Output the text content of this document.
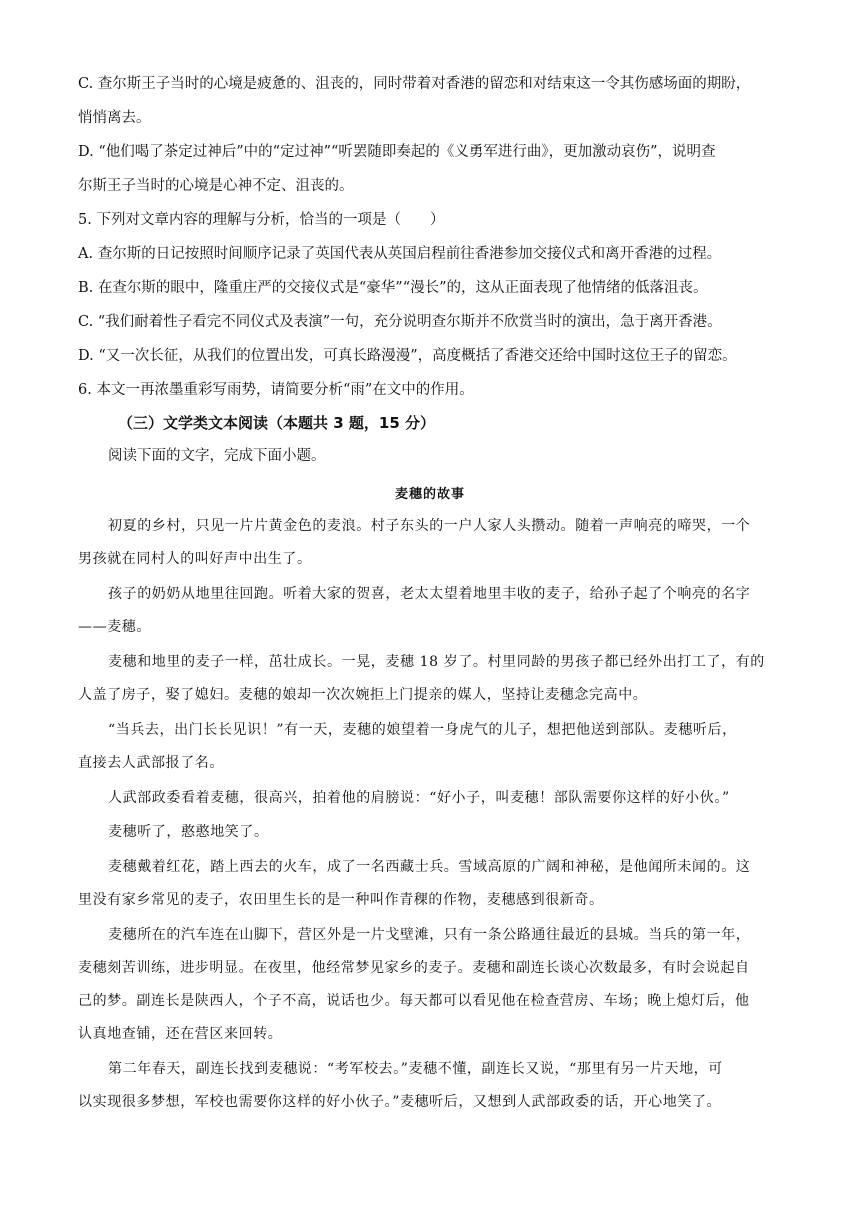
C. 查尔斯王子当时的心境是疲惫的、沮丧的，同时带着对香港的留恋和对结束这一令其伤感场面的期盼，
悄悄离去。
D. “他们喝了茶定过神后”中的“定过神”“听罢随即奏起的《义勇军进行曲》，更加激动哀伤”，说明查
尔斯王子当时的心境是心神不定、沮丧的。
5. 下列对文章内容的理解与分析，恰当的一项是（　　）
A. 查尔斯的日记按照时间顺序记录了英国代表从英国启程前往香港参加交接仪式和离开香港的过程。
B. 在查尔斯的眼中，隆重庄严的交接仪式是“豪华”“漫长”的，这从正面表现了他情绪的低落沮丧。
C. “我们耐着性子看完不同仪式及表演”一句，充分说明查尔斯并不欣赏当时的演出，急于离开香港。
D. “又一次长征，从我们的位置出发，可真长路漫漫”，高度概括了香港交还给中国时这位王子的留恋。
6. 本文一再浓墨重彩写雨势，请简要分析“雨”在文中的作用。
（三）文学类文本阅读（本题共 3 题，15 分）
阅读下面的文字，完成下面小题。
麦穗的故事
初夏的乡村，只见一片片黄金色的麦浪。村子东头的一户人家人头攒动。随着一声响亮的啼哭，一个
男孩就在同村人的叫好声中出生了。
孩子的奶奶从地里往回跑。听着大家的贺喜，老太太望着地里丰收的麦子，给孙子起了个响亮的名字
——麦穗。
麦穗和地里的麦子一样，茁壮成长。一晃，麦穗 18 岁了。村里同龄的男孩子都已经外出打工了，有的
人盖了房子，娶了媳妇。麦穗的娘却一次次婉拒上门提亲的媒人，坚持让麦穗念完高中。
“当兵去，出门长长见识！”有一天，麦穗的娘望着一身虎气的儿子，想把他送到部队。麦穗听后，
直接去人武部报了名。
人武部政委看着麦穗，很高兴，拍着他的肩膀说：“好小子，叫麦穗！部队需要你这样的好小伙。”
麦穗听了，憨憨地笑了。
麦穗戴着红花，踏上西去的火车，成了一名西藏士兵。雪域高原的广阔和神秘，是他闻所未闻的。这
里没有家乡常见的麦子，农田里生长的是一种叫作青稞的作物，麦穗感到很新奇。
麦穗所在的汽车连在山脚下，营区外是一片戈壁滩，只有一条公路通往最近的县城。当兵的第一年，
麦穗刻苦训练，进步明显。在夜里，他经常梦见家乡的麦子。麦穗和副连长谈心次数最多，有时会说起自
己的梦。副连长是陕西人，个子不高，说话也少。每天都可以看见他在检查营房、车场；晚上熄灯后，他
认真地查铺，还在营区来回转。
第二年春天，副连长找到麦穗说：“考军校去。”麦穗不懂，副连长又说，“那里有另一片天地，可
以实现很多梦想，军校也需要你这样的好小伙子。”麦穗听后，又想到人武部政委的话，开心地笑了。
